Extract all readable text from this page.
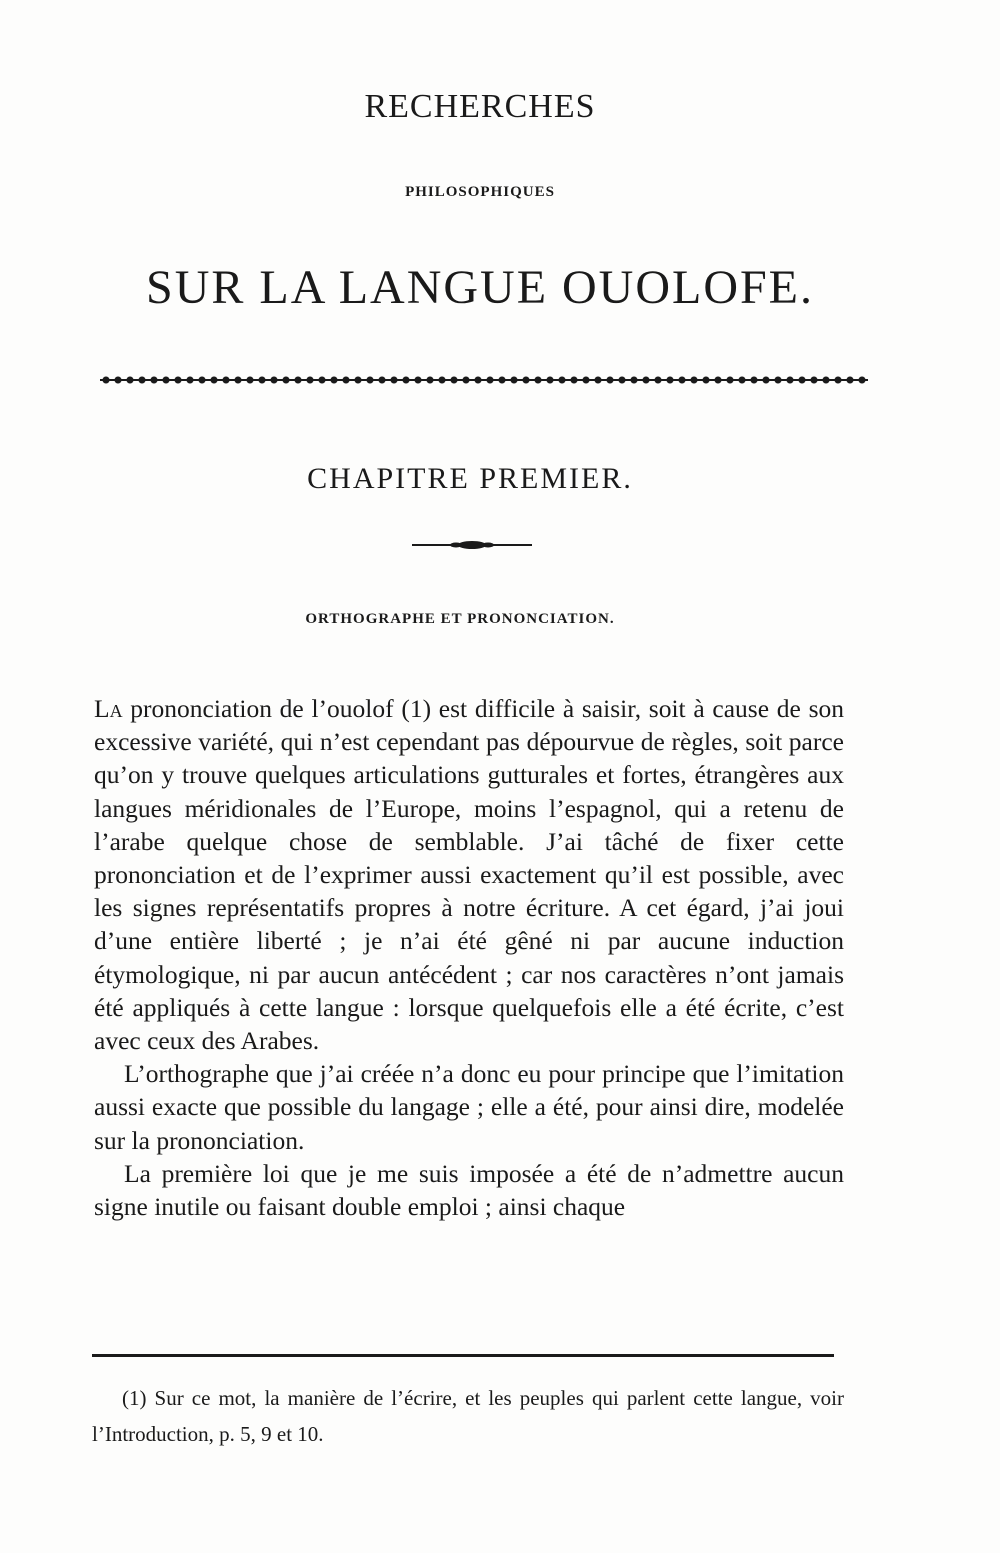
RECHERCHES
PHILOSOPHIQUES
SUR LA LANGUE OUOLOFE.
CHAPITRE PREMIER.
ORTHOGRAPHE ET PRONONCIATION.

La prononciation de l’ouolof (1) est difficile à saisir, soit à cause de son excessive variété, qui n’est cependant pas dépourvue de règles, soit parce qu’on y trouve quelques articulations gutturales et fortes, étrangères aux langues méridionales de l’Europe, moins l’espagnol, qui a retenu de l’arabe quelque chose de semblable. J’ai tâché de fixer cette prononciation et de l’exprimer aussi exactement qu’il est possible, avec les signes représentatifs propres à notre écriture. A cet égard, j’ai joui d’une entière liberté ; je n’ai été gêné ni par aucune induction étymologique, ni par aucun antécédent ; car nos caractères n’ont jamais été appliqués à cette langue : lorsque quelquefois elle a été écrite, c’est avec ceux des Arabes.

L’orthographe que j’ai créée n’a donc eu pour principe que l’imitation aussi exacte que possible du langage ; elle a été, pour ainsi dire, modelée sur la prononciation.

La première loi que je me suis imposée a été de n’admettre aucun signe inutile ou faisant double emploi ; ainsi chaque

(1) Sur ce mot, la manière de l’écrire, et les peuples qui parlent cette langue, voir l’Introduction, p. 5, 9 et 10.
